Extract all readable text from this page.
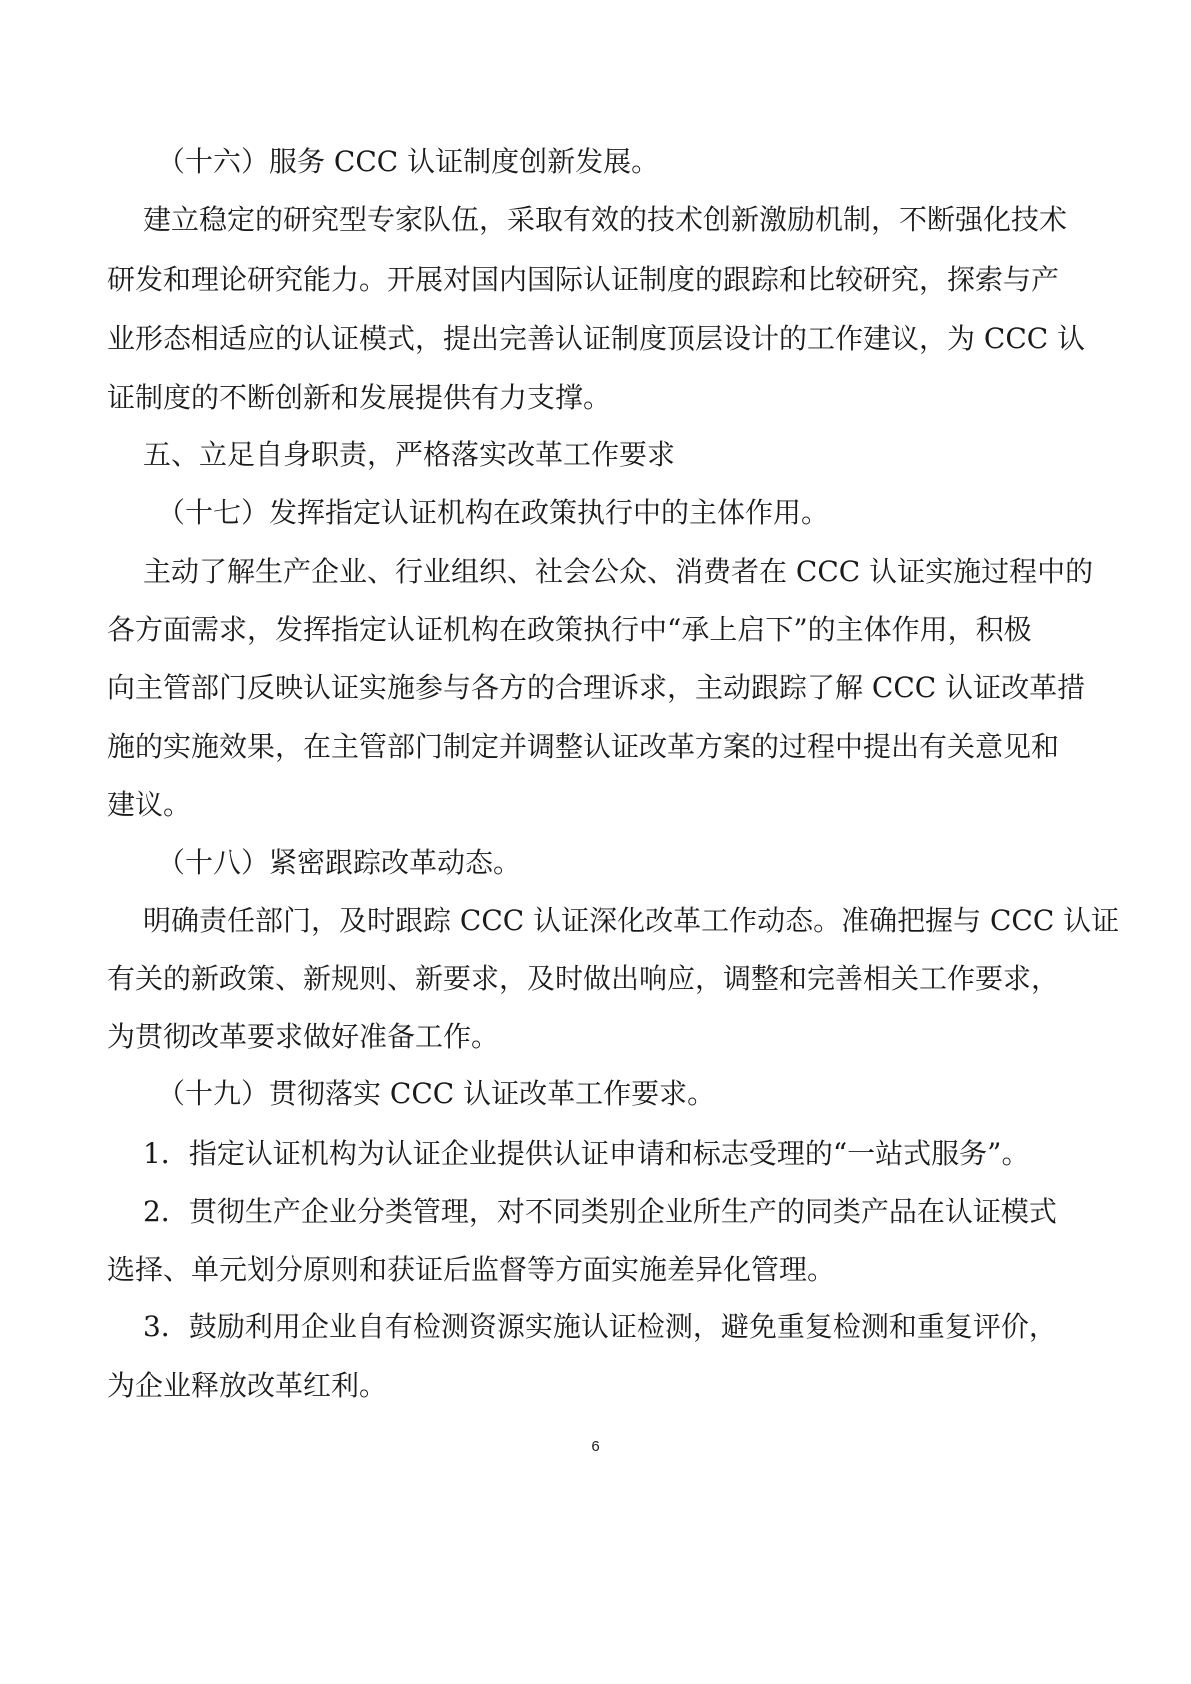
（十六）服务 CCC 认证制度创新发展。
建立稳定的研究型专家队伍，采取有效的技术创新激励机制，不断强化技术
研发和理论研究能力。开展对国内国际认证制度的跟踪和比较研究，探索与产
业形态相适应的认证模式，提出完善认证制度顶层设计的工作建议，为 CCC 认
证制度的不断创新和发展提供有力支撑。
五、立足自身职责，严格落实改革工作要求
（十七）发挥指定认证机构在政策执行中的主体作用。
主动了解生产企业、行业组织、社会公众、消费者在 CCC 认证实施过程中的
各方面需求，发挥指定认证机构在政策执行中“承上启下”的主体作用，积极
向主管部门反映认证实施参与各方的合理诉求，主动跟踪了解 CCC 认证改革措
施的实施效果，在主管部门制定并调整认证改革方案的过程中提出有关意见和
建议。
（十八）紧密跟踪改革动态。
明确责任部门，及时跟踪 CCC 认证深化改革工作动态。准确把握与 CCC 认证
有关的新政策、新规则、新要求，及时做出响应，调整和完善相关工作要求，
为贯彻改革要求做好准备工作。
（十九）贯彻落实 CCC 认证改革工作要求。
1．指定认证机构为认证企业提供认证申请和标志受理的“一站式服务”。
2．贯彻生产企业分类管理，对不同类别企业所生产的同类产品在认证模式
选择、单元划分原则和获证后监督等方面实施差异化管理。
3．鼓励利用企业自有检测资源实施认证检测，避免重复检测和重复评价，
为企业释放改革红利。
6
